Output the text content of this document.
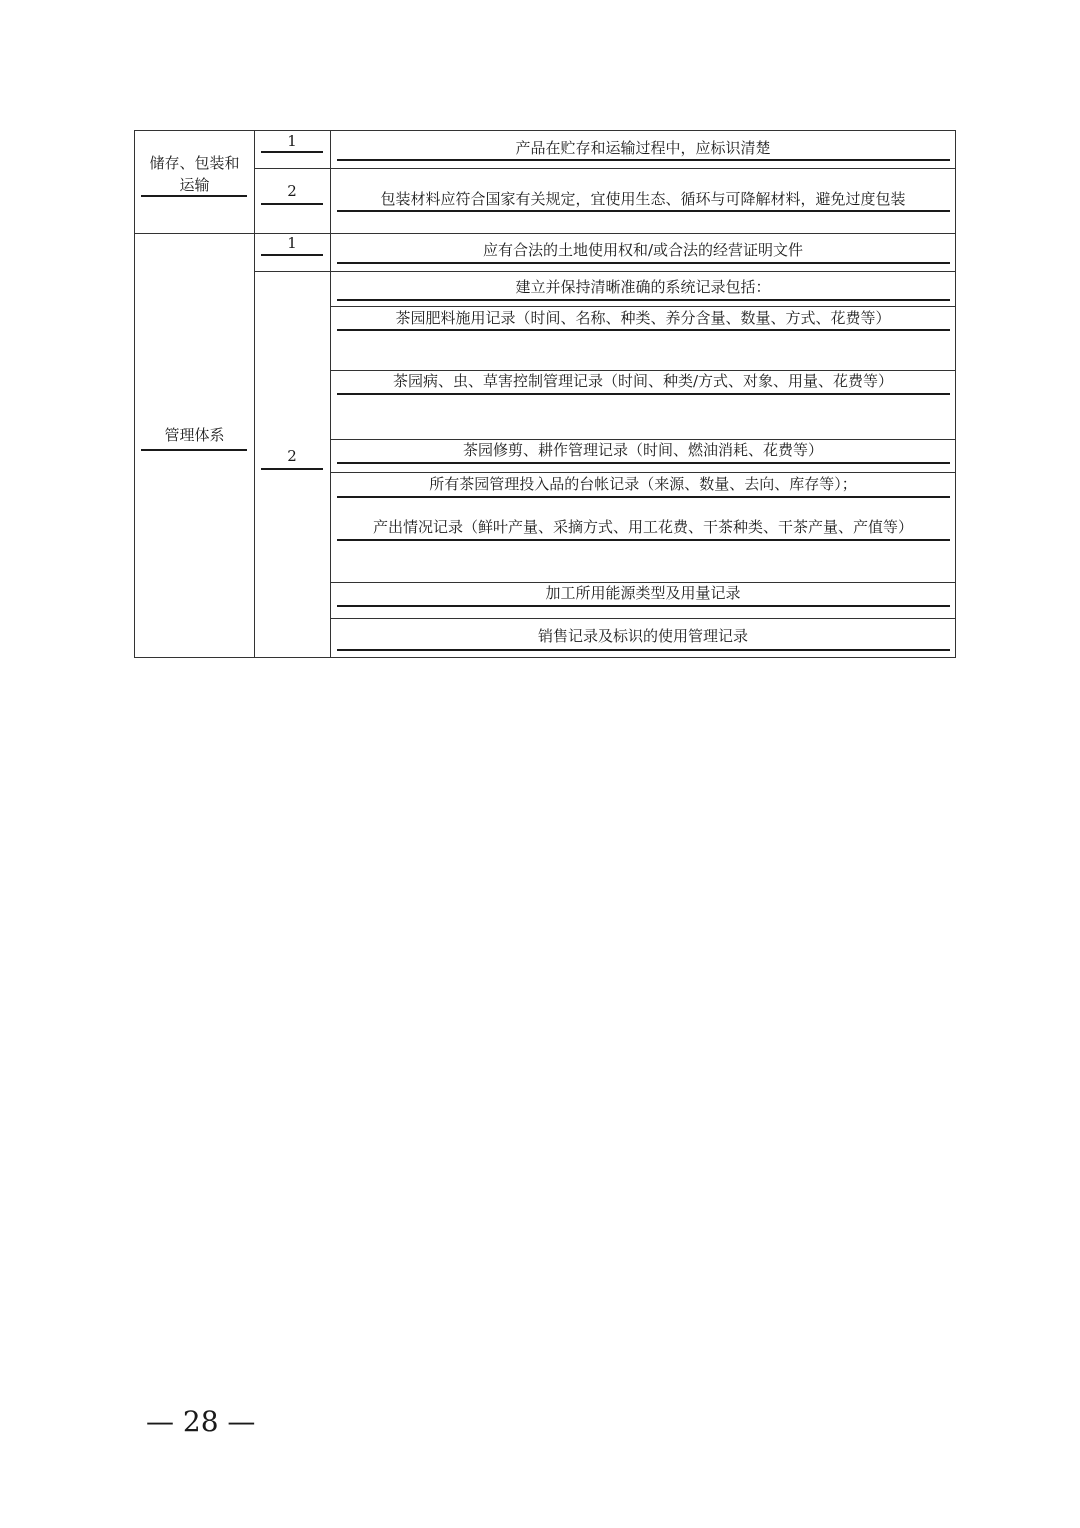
储存、包装和
运输
1
2
产品在贮存和运输过程中，应标识清楚
包装材料应符合国家有关规定，宜使用生态、循环与可降解材料，避免过度包装
管理体系
1
2
应有合法的土地使用权和/或合法的经营证明文件
建立并保持清晰准确的系统记录包括：
茶园肥料施用记录（时间、名称、种类、养分含量、数量、方式、花费等）
茶园病、虫、草害控制管理记录（时间、种类/方式、对象、用量、花费等）
茶园修剪、耕作管理记录（时间、燃油消耗、花费等）
所有茶园管理投入品的台帐记录（来源、数量、去向、库存等）；
产出情况记录（鲜叶产量、采摘方式、用工花费、干茶种类、干茶产量、产值等）
加工所用能源类型及用量记录
销售记录及标识的使用管理记录
— 28 —
